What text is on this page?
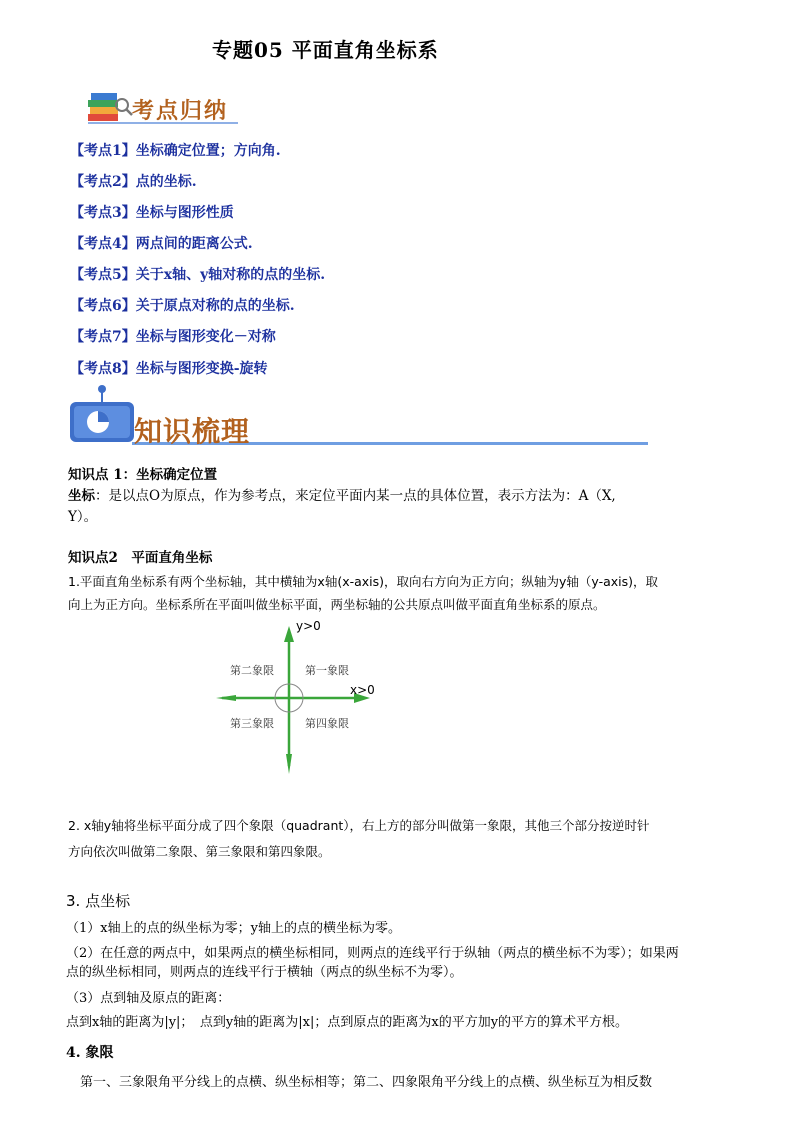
专题05 平面直角坐标系
考点归纳
【考点1】坐标确定位置；方向角.
【考点2】点的坐标.
【考点3】坐标与图形性质
【考点4】两点间的距离公式.
【考点5】关于x轴、y轴对称的点的坐标.
【考点6】关于原点对称的点的坐标.
【考点7】坐标与图形变化－对称
【考点8】坐标与图形变换-旋转
知识梳理
知识点 1：坐标确定位置
坐标：是以点O为原点，作为参考点，来定位平面内某一点的具体位置，表示方法为：A（X,
Y）。
知识点2　平面直角坐标
1.平面直角坐标系有两个坐标轴，其中横轴为x轴(x-axis)，取向右方向为正方向；纵轴为y轴（y-axis)，取
向上为正方向。坐标系所在平面叫做坐标平面，两坐标轴的公共原点叫做平面直角坐标系的原点。
y>0
x>0
第二象限	第一象限
第三象限	第四象限
2. x轴y轴将坐标平面分成了四个象限（quadrant），右上方的部分叫做第一象限，其他三个部分按逆时针
方向依次叫做第二象限、第三象限和第四象限。
3. 点坐标
（1）x轴上的点的纵坐标为零；y轴上的点的横坐标为零。
（2）在任意的两点中，如果两点的横坐标相同，则两点的连线平行于纵轴（两点的横坐标不为零）；如果两
点的纵坐标相同，则两点的连线平行于横轴（两点的纵坐标不为零）。
（3）点到轴及原点的距离：
点到x轴的距离为|y|；　点到y轴的距离为|x|；点到原点的距离为x的平方加y的平方的算术平方根。
4. 象限
第一、三象限角平分线上的点横、纵坐标相等；第二、四象限角平分线上的点横、纵坐标互为相反数
